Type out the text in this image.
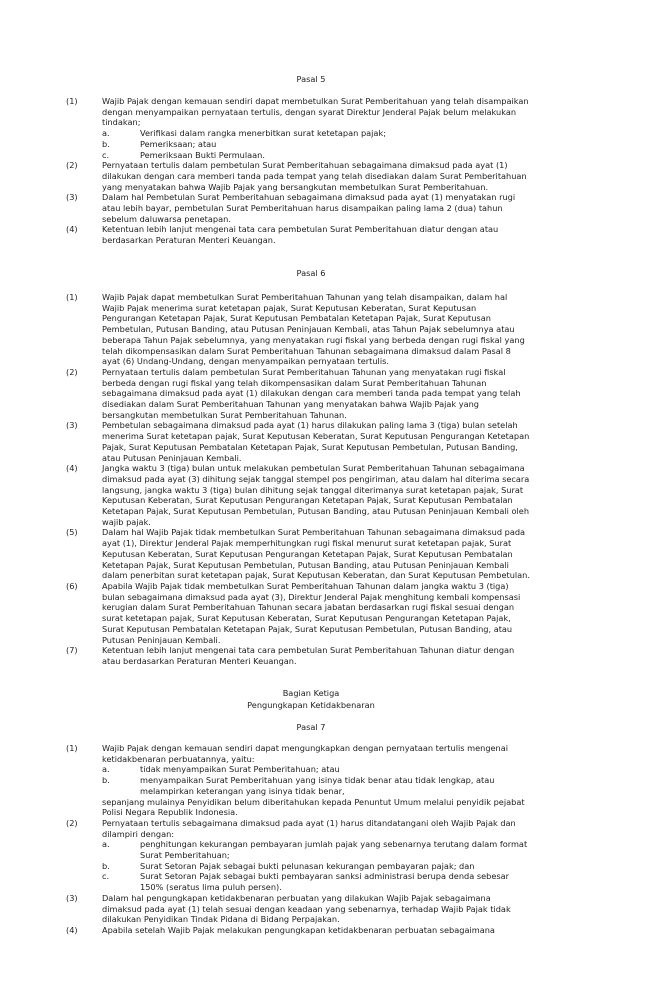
Pasal 5
(1)	Wajib Pajak dengan kemauan sendiri dapat membetulkan Surat Pemberitahuan yang telah disampaikan
dengan menyampaikan pernyataan tertulis, dengan syarat Direktur Jenderal Pajak belum melakukan
tindakan;
a.	Verifikasi dalam rangka menerbitkan surat ketetapan pajak;
b.	Pemeriksaan; atau
c.	Pemeriksaan Bukti Permulaan.
(2)	Pernyataan tertulis dalam pembetulan Surat Pemberitahuan sebagaimana dimaksud pada ayat (1)
dilakukan dengan cara memberi tanda pada tempat yang telah disediakan dalam Surat Pemberitahuan
yang menyatakan bahwa Wajib Pajak yang bersangkutan membetulkan Surat Pemberitahuan.
(3)	Dalam hal Pembetulan Surat Pemberitahuan sebagaimana dimaksud pada ayat (1) menyatakan rugi
atau lebih bayar, pembetulan Surat Pemberitahuan harus disampaikan paling lama 2 (dua) tahun
sebelum daluwarsa penetapan.
(4)	Ketentuan lebih lanjut mengenai tata cara pembetulan Surat Pemberitahuan diatur dengan atau
berdasarkan Peraturan Menteri Keuangan.
Pasal 6
(1)	Wajib Pajak dapat membetulkan Surat Pemberitahuan Tahunan yang telah disampaikan, dalam hal
Wajib Pajak menerima surat ketetapan pajak, Surat Keputusan Keberatan, Surat Keputusan
Pengurangan Ketetapan Pajak, Surat Keputusan Pembatalan Ketetapan Pajak, Surat Keputusan
Pembetulan, Putusan Banding, atau Putusan Peninjauan Kembali, atas Tahun Pajak sebelumnya atau
beberapa Tahun Pajak sebelumnya, yang menyatakan rugi fiskal yang berbeda dengan rugi fiskal yang
telah dikompensasikan dalam Surat Pemberitahuan Tahunan sebagaimana dimaksud dalam Pasal 8
ayat (6) Undang-Undang, dengan menyampaikan pernyataan tertulis.
(2)	Pernyataan tertulis dalam pembetulan Surat Pemberitahuan Tahunan yang menyatakan rugi fiskal
berbeda dengan rugi fiskal yang telah dikompensasikan dalam Surat Pemberitahuan Tahunan
sebagaimana dimaksud pada ayat (1) dilakukan dengan cara memberi tanda pada tempat yang telah
disediakan dalam Surat Pemberitahuan Tahunan yang menyatakan bahwa Wajib Pajak yang
bersangkutan membetulkan Surat Pemberitahuan Tahunan.
(3)	Pembetulan sebagaimana dimaksud pada ayat (1) harus dilakukan paling lama 3 (tiga) bulan setelah
menerima Surat ketetapan pajak, Surat Keputusan Keberatan, Surat Keputusan Pengurangan Ketetapan
Pajak, Surat Keputusan Pembatalan Ketetapan Pajak, Surat Keputusan Pembetulan, Putusan Banding,
atau Putusan Peninjauan Kembali.
(4)	Jangka waktu 3 (tiga) bulan untuk melakukan pembetulan Surat Pemberitahuan Tahunan sebagaimana
dimaksud pada ayat (3) dihitung sejak tanggal stempel pos pengiriman, atau dalam hal diterima secara
langsung, jangka waktu 3 (tiga) bulan dihitung sejak tanggal diterimanya surat ketetapan pajak, Surat
Keputusan Keberatan, Surat Keputusan Pengurangan Ketetapan Pajak, Surat Keputusan Pembatalan
Ketetapan Pajak, Surat Keputusan Pembetulan, Putusan Banding, atau Putusan Peninjauan Kembali oleh
wajib pajak.
(5)	Dalam hal Wajib Pajak tidak membetulkan Surat Pemberitahuan Tahunan sebagaimana dimaksud pada
ayat (1), Direktur Jenderal Pajak memperhitungkan rugi fiskal menurut surat ketetapan pajak, Surat
Keputusan Keberatan, Surat Keputusan Pengurangan Ketetapan Pajak, Surat Keputusan Pembatalan
Ketetapan Pajak, Surat Keputusan Pembetulan, Putusan Banding, atau Putusan Peninjauan Kembali
dalam penerbitan surat ketetapan pajak, Surat Keputusan Keberatan, dan Surat Keputusan Pembetulan.
(6)	Apabila Wajib Pajak tidak membetulkan Surat Pemberitahuan Tahunan dalam jangka waktu 3 (tiga)
bulan sebagaimana dimaksud pada ayat (3), Direktur Jenderal Pajak menghitung kembali kompensasi
kerugian dalam Surat Pemberitahuan Tahunan secara jabatan berdasarkan rugi fiskal sesuai dengan
surat ketetapan pajak, Surat Keputusan Keberatan, Surat Keputusan Pengurangan Ketetapan Pajak,
Surat Keputusan Pembatalan Ketetapan Pajak, Surat Keputusan Pembetulan, Putusan Banding, atau
Putusan Peninjauan Kembali.
(7)	Ketentuan lebih lanjut mengenai tata cara pembetulan Surat Pemberitahuan Tahunan diatur dengan
atau berdasarkan Peraturan Menteri Keuangan.
Bagian Ketiga
Pengungkapan Ketidakbenaran
Pasal 7
(1)	Wajib Pajak dengan kemauan sendiri dapat mengungkapkan dengan pernyataan tertulis mengenai
ketidakbenaran perbuatannya, yaitu:
a.	tidak menyampaikan Surat Pemberitahuan; atau
b.	menyampaikan Surat Pemberitahuan yang isinya tidak benar atau tidak lengkap, atau
melampirkan keterangan yang isinya tidak benar,
sepanjang mulainya Penyidikan belum diberitahukan kepada Penuntut Umum melalui penyidik pejabat
Polisi Negara Republik Indonesia.
(2)	Pernyataan tertulis sebagaimana dimaksud pada ayat (1) harus ditandatangani oleh Wajib Pajak dan
dilampiri dengan:
a.	penghitungan kekurangan pembayaran jumlah pajak yang sebenarnya terutang dalam format
Surat Pemberitahuan;
b.	Surat Setoran Pajak sebagai bukti pelunasan kekurangan pembayaran pajak; dan
c.	Surat Setoran Pajak sebagai bukti pembayaran sanksi administrasi berupa denda sebesar
150% (seratus lima puluh persen).
(3)	Dalam hal pengungkapan ketidakbenaran perbuatan yang dilakukan Wajib Pajak sebagaimana
dimaksud pada ayat (1) telah sesuai dengan keadaan yang sebenarnya, terhadap Wajib Pajak tidak
dilakukan Penyidikan Tindak Pidana di Bidang Perpajakan.
(4)	Apabila setelah Wajib Pajak melakukan pengungkapan ketidakbenaran perbuatan sebagaimana
